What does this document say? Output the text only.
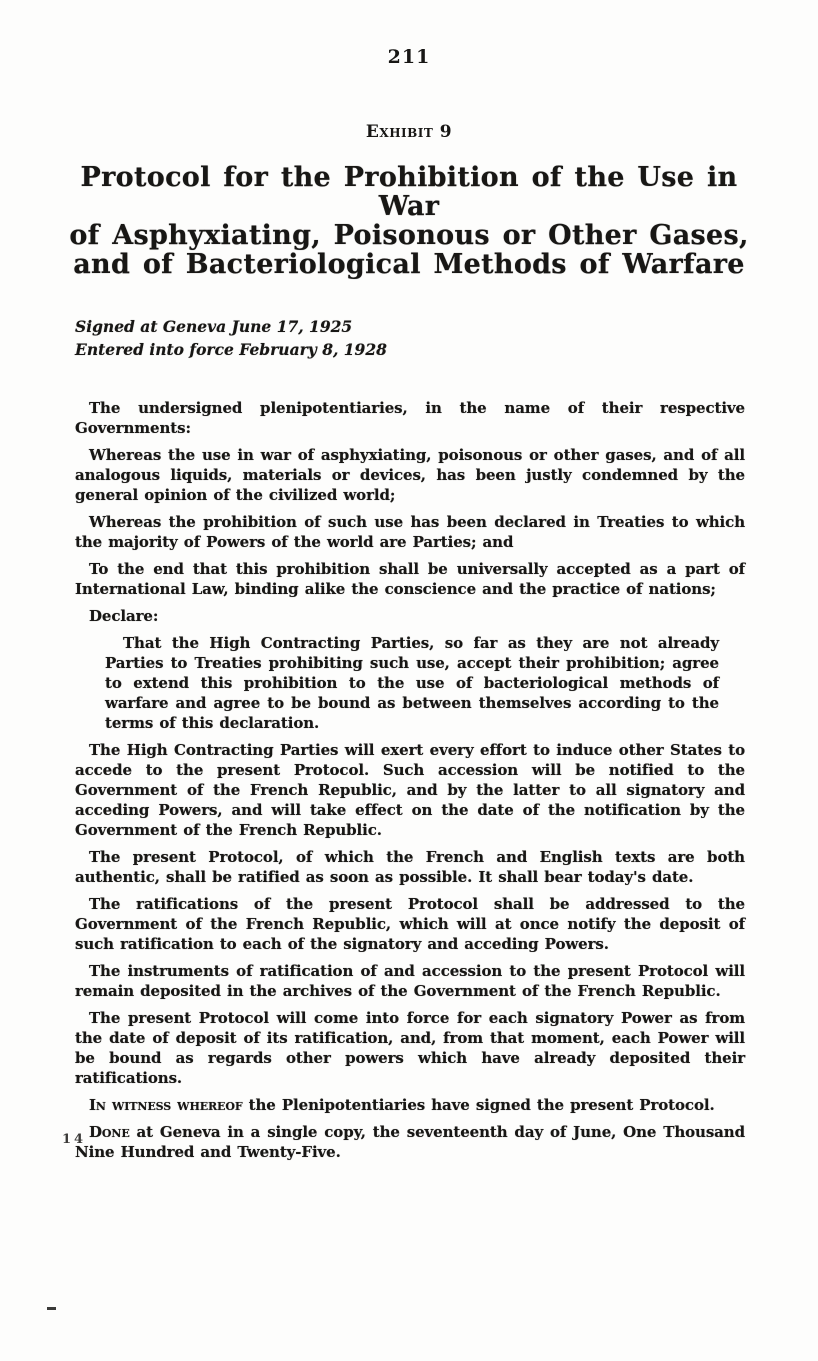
211
Exhibit 9
Protocol for the Prohibition of the Use in War
of Asphyxiating, Poisonous or Other Gases,
and of Bacteriological Methods of Warfare
Signed at Geneva June 17, 1925
Entered into force February 8, 1928

The undersigned plenipotentiaries, in the name of their respective Governments:

Whereas the use in war of asphyxiating, poisonous or other gases, and of all analogous liquids, materials or devices, has been justly condemned by the general opinion of the civilized world;

Whereas the prohibition of such use has been declared in Treaties to which the majority of Powers of the world are Parties; and

To the end that this prohibition shall be universally accepted as a part of International Law, binding alike the conscience and the practice of nations;

Declare:

That the High Contracting Parties, so far as they are not already Parties to Treaties prohibiting such use, accept their prohibition; agree to extend this prohibition to the use of bacteriological methods of warfare and agree to be bound as between themselves according to the terms of this declaration.

The High Contracting Parties will exert every effort to induce other States to accede to the present Protocol. Such accession will be notified to the Government of the French Republic, and by the latter to all signatory and acceding Powers, and will take effect on the date of the notification by the Government of the French Republic.

The present Protocol, of which the French and English texts are both authentic, shall be ratified as soon as possible. It shall bear today's date.

The ratifications of the present Protocol shall be addressed to the Government of the French Republic, which will at once notify the deposit of such ratification to each of the signatory and acceding Powers.

The instruments of ratification of and accession to the present Protocol will remain deposited in the archives of the Government of the French Republic.

The present Protocol will come into force for each signatory Power as from the date of deposit of its ratification, and, from that moment, each Power will be bound as regards other powers which have already deposited their ratifications.

In witness whereof the Plenipotentiaries have signed the present Protocol.

Done at Geneva in a single copy, the seventeenth day of June, One Thousand Nine Hundred and Twenty-Five.

14
